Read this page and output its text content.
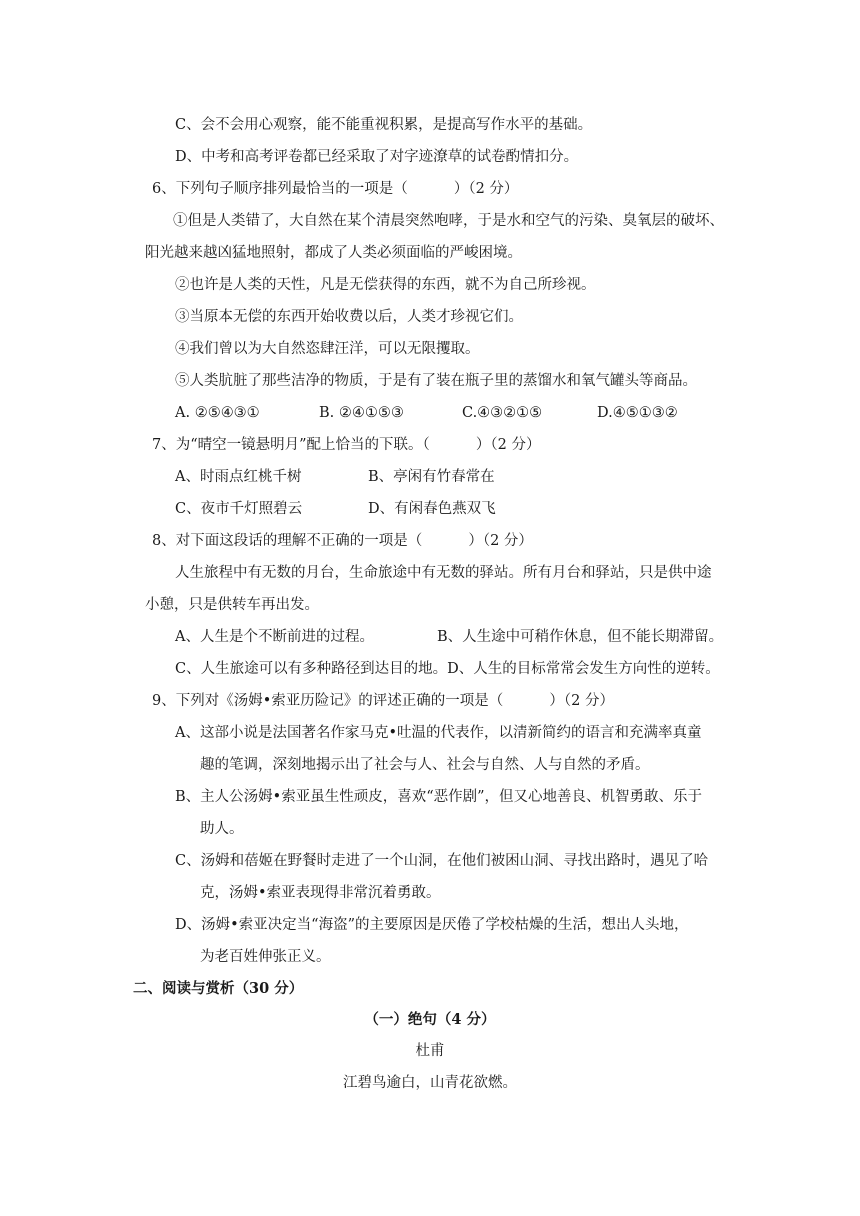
C、会不会用心观察，能不能重视积累，是提高写作水平的基础。
D、中考和高考评卷都已经采取了对字迹潦草的试卷酌情扣分。
6、下列句子顺序排列最恰当的一项是（          ）（2 分）
①但是人类错了，大自然在某个清晨突然咆哮，于是水和空气的污染、臭氧层的破坏、
阳光越来越凶猛地照射，都成了人类必须面临的严峻困境。
②也许是人类的天性，凡是无偿获得的东西，就不为自己所珍视。
③当原本无偿的东西开始收费以后，人类才珍视它们。
④我们曾以为大自然恣肆汪洋，可以无限攫取。
⑤人类肮脏了那些洁净的物质，于是有了装在瓶子里的蒸馏水和氧气罐头等商品。
A. ②⑤④③①	B. ②④①⑤③	C.④③②①⑤	D.④⑤①③②
7、为“晴空一镜悬明月”配上恰当的下联。（          ）（2 分）
A、时雨点红桃千树	B、亭闲有竹春常在
C、夜市千灯照碧云	D、有闲春色燕双飞
8、对下面这段话的理解不正确的一项是（          ）（2 分）
人生旅程中有无数的月台，生命旅途中有无数的驿站。所有月台和驿站，只是供中途
小憩，只是供转车再出发。
A、人生是个不断前进的过程。	B、人生途中可稍作休息，但不能长期滞留。
C、人生旅途可以有多种路径到达目的地。D、人生的目标常常会发生方向性的逆转。
9、下列对《汤姆•索亚历险记》的评述正确的一项是（          ）（2 分）
A、这部小说是法国著名作家马克•吐温的代表作，以清新简约的语言和充满率真童
趣的笔调，深刻地揭示出了社会与人、社会与自然、人与自然的矛盾。
B、主人公汤姆•索亚虽生性顽皮，喜欢“恶作剧”，但又心地善良、机智勇敢、乐于
助人。
C、汤姆和蓓姬在野餐时走进了一个山洞，在他们被困山洞、寻找出路时，遇见了哈
克，汤姆•索亚表现得非常沉着勇敢。
D、汤姆•索亚决定当“海盗”的主要原因是厌倦了学校枯燥的生活，想出人头地，
为老百姓伸张正义。
二、阅读与赏析（30 分）
（一）绝句（4 分）
杜甫
江碧鸟逾白，山青花欲燃。
